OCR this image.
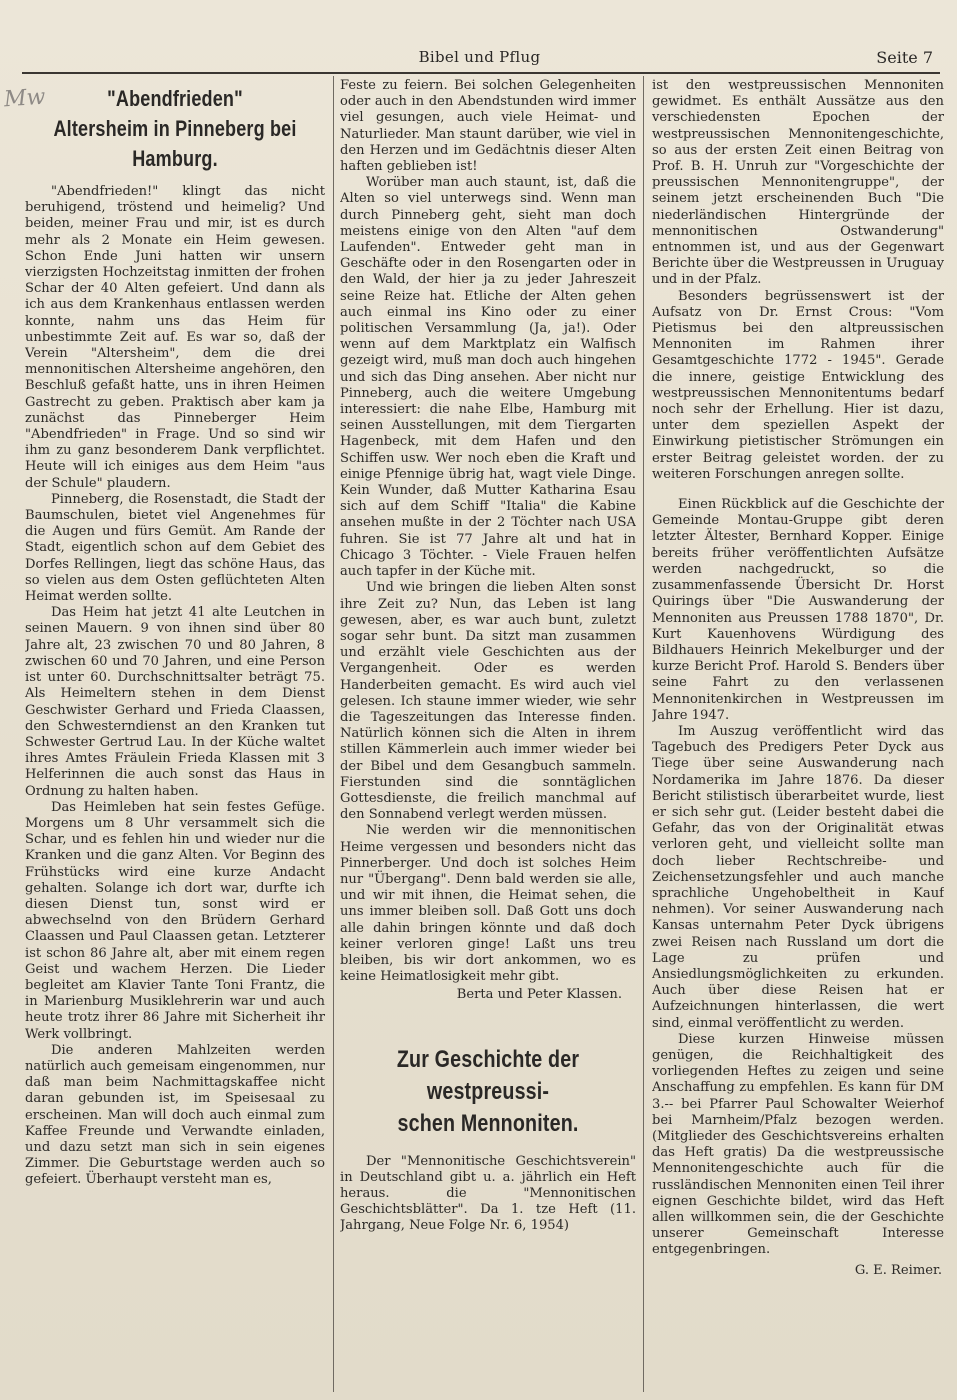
Bibel und Pflug	Seite 7
Mw	"Abendfrieden"
Altersheim in Pinneberg bei
Hamburg.

"Abendfrieden!" klingt das nicht beruhigend, tröstend und heimelig? Und beiden, meiner Frau und mir, ist es durch mehr als 2 Monate ein Heim gewesen. Schon Ende Juni hatten wir unsern vierzigsten Hochzeitstag inmitten der frohen Schar der 40 Alten gefeiert. Und dann als ich aus dem Krankenhaus entlassen werden konnte, nahm uns das Heim für unbestimmte Zeit auf. Es war so, daß der Verein "Altersheim", dem die drei mennonitischen Altersheime angehören, den Beschluß gefaßt hatte, uns in ihren Heimen Gastrecht zu geben. Praktisch aber kam ja zunächst das Pinneberger Heim "Abendfrieden" in Frage. Und so sind wir ihm zu ganz besonderem Dank verpflichtet. Heute will ich einiges aus dem Heim "aus der Schule" plaudern.

Pinneberg, die Rosenstadt, die Stadt der Baumschulen, bietet viel Angenehmes für die Augen und fürs Gemüt. Am Rande der Stadt, eigentlich schon auf dem Gebiet des Dorfes Rellingen, liegt das schöne Haus, das so vielen aus dem Osten geflüchteten Alten Heimat werden sollte.

Das Heim hat jetzt 41 alte Leutchen in seinen Mauern. 9 von ihnen sind über 80 Jahre alt, 23 zwischen 70 und 80 Jahren, 8 zwischen 60 und 70 Jahren, und eine Person ist unter 60. Durchschnittsalter beträgt 75. Als Heimeltern stehen in dem Dienst Geschwister Gerhard und Frieda Claassen, den Schwesterndienst an den Kranken tut Schwester Gertrud Lau. In der Küche waltet ihres Amtes Fräulein Frieda Klassen mit 3 Helferinnen die auch sonst das Haus in Ordnung zu halten haben.

Das Heimleben hat sein festes Gefüge. Morgens um 8 Uhr versammelt sich die Schar, und es fehlen hin und wieder nur die Kranken und die ganz Alten. Vor Beginn des Frühstücks wird eine kurze Andacht gehalten. Solange ich dort war, durfte ich diesen Dienst tun, sonst wird er abwechselnd von den Brüdern Gerhard Claassen und Paul Claassen getan. Letzterer ist schon 86 Jahre alt, aber mit einem regen Geist und wachem Herzen. Die Lieder begleitet am Klavier Tante Toni Frantz, die in Marienburg Musiklehrerin war und auch heute trotz ihrer 86 Jahre mit Sicherheit ihr Werk vollbringt.

Die anderen Mahlzeiten werden natürlich auch gemeisam eingenommen, nur daß man beim Nachmittagskaffee nicht daran gebunden ist, im Speisesaal zu erscheinen. Man will doch auch einmal zum Kaffee Freunde und Verwandte einladen, und dazu setzt man sich in sein eigenes Zimmer. Die Geburtstage werden auch so gefeiert. Überhaupt versteht man es,

Feste zu feiern. Bei solchen Gelegenheiten oder auch in den Abendstunden wird immer viel gesungen, auch viele Heimat- und Naturlieder. Man staunt darüber, wie viel in den Herzen und im Gedächtnis dieser Alten haften geblieben ist!

Worüber man auch staunt, ist, daß die Alten so viel unterwegs sind. Wenn man durch Pinneberg geht, sieht man doch meistens einige von den Alten "auf dem Laufenden". Entweder geht man in Geschäfte oder in den Rosengarten oder in den Wald, der hier ja zu jeder Jahreszeit seine Reize hat. Etliche der Alten gehen auch einmal ins Kino oder zu einer politischen Versammlung (Ja, ja!). Oder wenn auf dem Marktplatz ein Walfisch gezeigt wird, muß man doch auch hingehen und sich das Ding ansehen. Aber nicht nur Pinneberg, auch die weitere Umgebung interessiert: die nahe Elbe, Hamburg mit seinen Ausstellungen, mit dem Tiergarten Hagenbeck, mit dem Hafen und den Schiffen usw. Wer noch eben die Kraft und einige Pfennige übrig hat, wagt viele Dinge. Kein Wunder, daß Mutter Katharina Esau sich auf dem Schiff "Italia" die Kabine ansehen mußte in der 2 Töchter nach USA fuhren. Sie ist 77 Jahre alt und hat in Chicago 3 Töchter. - Viele Frauen helfen auch tapfer in der Küche mit.

Und wie bringen die lieben Alten sonst ihre Zeit zu? Nun, das Leben ist lang gewesen, aber, es war auch bunt, zuletzt sogar sehr bunt. Da sitzt man zusammen und erzählt viele Geschichten aus der Vergangenheit. Oder es werden Handerbeiten gemacht. Es wird auch viel gelesen. Ich staune immer wieder, wie sehr die Tageszeitungen das Interesse finden. Natürlich können sich die Alten in ihrem stillen Kämmerlein auch immer wieder bei der Bibel und dem Gesangbuch sammeln. Fierstunden sind die sonntäglichen Gottesdienste, die freilich manchmal auf den Sonnabend verlegt werden müssen.

Nie werden wir die mennonitischen Heime vergessen und besonders nicht das Pinnerberger. Und doch ist solches Heim nur "Übergang". Denn bald werden sie alle, und wir mit ihnen, die Heimat sehen, die uns immer bleiben soll. Daß Gott uns doch alle dahin bringen könnte und daß doch keiner verloren ginge! Laßt uns treu bleiben, bis wir dort ankommen, wo es keine Heimatlosigkeit mehr gibt.

Berta und Peter Klassen.
Zur Geschichte der westpreussi-
schen Mennoniten.

Der "Mennonitische Geschichtsverein" in Deutschland gibt u. a. jährlich ein Heft heraus. die "Mennonitischen Geschichtsblätter". Da 1. tze Heft (11. Jahrgang, Neue Folge Nr. 6, 1954)

ist den westpreussischen Mennoniten gewidmet. Es enthält Aussätze aus den verschiedensten Epochen der westpreussischen Mennonitengeschichte, so aus der ersten Zeit einen Beitrag von Prof. B. H. Unruh zur "Vorgeschichte der preussischen Mennonitengruppe", der seinem jetzt erscheinenden Buch "Die niederländischen Hintergründe der mennonitischen Ostwanderung" entnommen ist, und aus der Gegenwart Berichte über die Westpreussen in Uruguay und in der Pfalz.

Besonders begrüssenswert ist der Aufsatz von Dr. Ernst Crous: "Vom Pietismus bei den altpreussischen Mennoniten im Rahmen ihrer Gesamtgeschichte 1772 - 1945". Gerade die innere, geistige Entwicklung des westpreussischen Mennonitentums bedarf noch sehr der Erhellung. Hier ist dazu, unter dem speziellen Aspekt der Einwirkung pietistischer Strömungen ein erster Beitrag geleistet worden. der zu weiteren Forschungen anregen sollte.

Einen Rückblick auf die Geschichte der Gemeinde Montau-Gruppe gibt deren letzter Ältester, Bernhard Kopper. Einige bereits früher veröffentlichten Aufsätze werden nachgedruckt, so die zusammenfassende Übersicht Dr. Horst Quirings über "Die Auswanderung der Mennoniten aus Preussen 1788 1870", Dr. Kurt Kauenhovens Würdigung des Bildhauers Heinrich Mekelburger und der kurze Bericht Prof. Harold S. Benders über seine Fahrt zu den verlassenen Mennonitenkirchen in Westpreussen im Jahre 1947.

Im Auszug veröffentlicht wird das Tagebuch des Predigers Peter Dyck aus Tiege über seine Auswanderung nach Nordamerika im Jahre 1876. Da dieser Bericht stilistisch überarbeitet wurde, liest er sich sehr gut. (Leider besteht dabei die Gefahr, das von der Originalität etwas verloren geht, und vielleicht sollte man doch lieber Rechtschreibe- und Zeichensetzungsfehler und auch manche sprachliche Ungehobeltheit in Kauf nehmen). Vor seiner Auswanderung nach Kansas unternahm Peter Dyck übrigens zwei Reisen nach Russland um dort die Lage zu prüfen und Ansiedlungsmöglichkeiten zu erkunden. Auch über diese Reisen hat er Aufzeichnungen hinterlassen, die wert sind, einmal veröffentlicht zu werden.

Diese kurzen Hinweise müssen genügen, die Reichhaltigkeit des vorliegenden Heftes zu zeigen und seine Anschaffung zu empfehlen. Es kann für DM 3.-- bei Pfarrer Paul Schowalter Weierhof bei Marnheim/Pfalz bezogen werden. (Mitglieder des Geschichtsvereins erhalten das Heft gratis) Da die westpreussische Mennonitengeschichte auch für die russländischen Mennoniten einen Teil ihrer eignen Geschichte bildet, wird das Heft allen willkommen sein, die der Geschichte unserer Gemeinschaft Interesse entgegenbringen.

G. E. Reimer.
